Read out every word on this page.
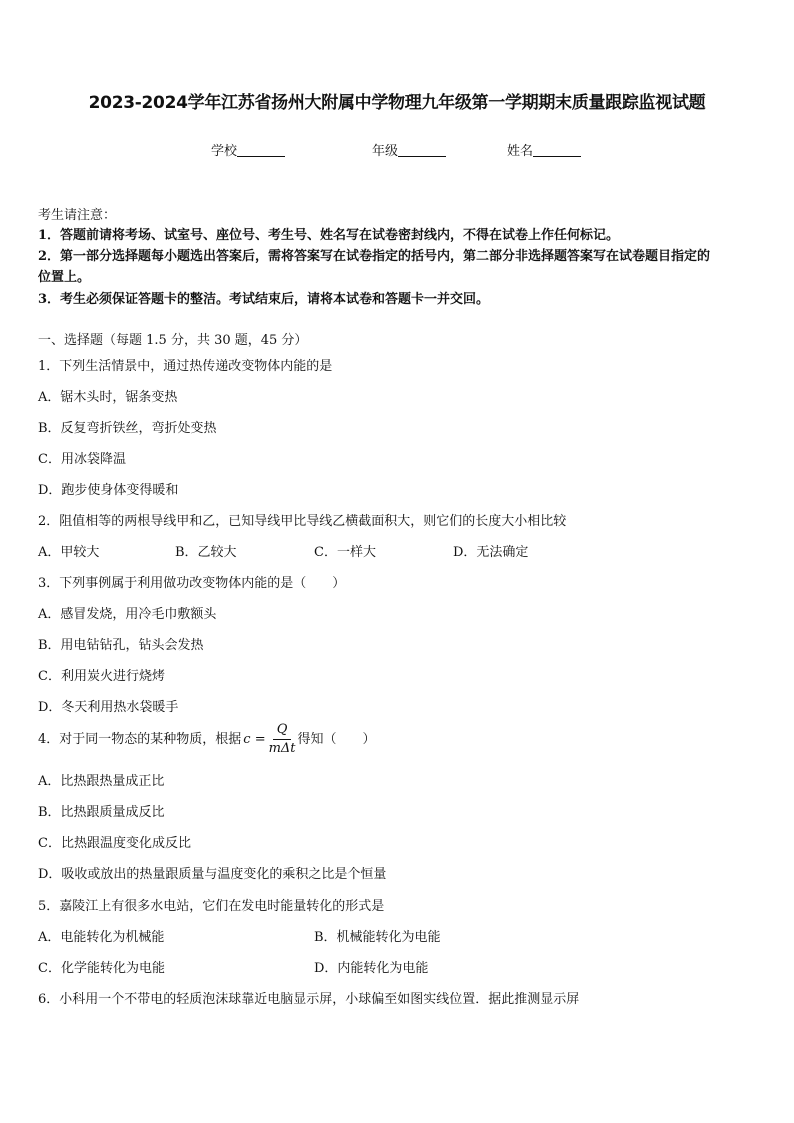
2023-2024学年江苏省扬州大附属中学物理九年级第一学期期末质量跟踪监视试题
学校	年级	姓名
考生请注意：
1．答题前请将考场、试室号、座位号、考生号、姓名写在试卷密封线内，不得在试卷上作任何标记。
2．第一部分选择题每小题选出答案后，需将答案写在试卷指定的括号内，第二部分非选择题答案写在试卷题目指定的
位置上。
3．考生必须保证答题卡的整洁。考试结束后，请将本试卷和答题卡一并交回。
一、选择题（每题 1.5 分，共 30 题，45 分）
1．下列生活情景中，通过热传递改变物体内能的是
A．锯木头时，锯条变热
B．反复弯折铁丝，弯折处变热
C．用冰袋降温
D．跑步使身体变得暖和
2．阻值相等的两根导线甲和乙，已知导线甲比导线乙横截面积大，则它们的长度大小相比较
A．甲较大	B．乙较大	C．一样大	D．无法确定
3．下列事例属于利用做功改变物体内能的是（　　）
A．感冒发烧，用冷毛巾敷额头
B．用电钻钻孔，钻头会发热
C．利用炭火进行烧烤
D．冬天利用热水袋暖手
4．对于同一物态的某种物质，根据 $c = \frac{Q}{\text{mΔt}}$ 得知（　　）
A．比热跟热量成正比
B．比热跟质量成反比
C．比热跟温度变化成反比
D．吸收或放出的热量跟质量与温度变化的乘积之比是个恒量
5．嘉陵江上有很多水电站，它们在发电时能量转化的形式是
A．电能转化为机械能	B．机械能转化为电能
C．化学能转化为电能	D．内能转化为电能
6．小科用一个不带电的轻质泡沫球靠近电脑显示屏，小球偏至如图实线位置．据此推测显示屏
